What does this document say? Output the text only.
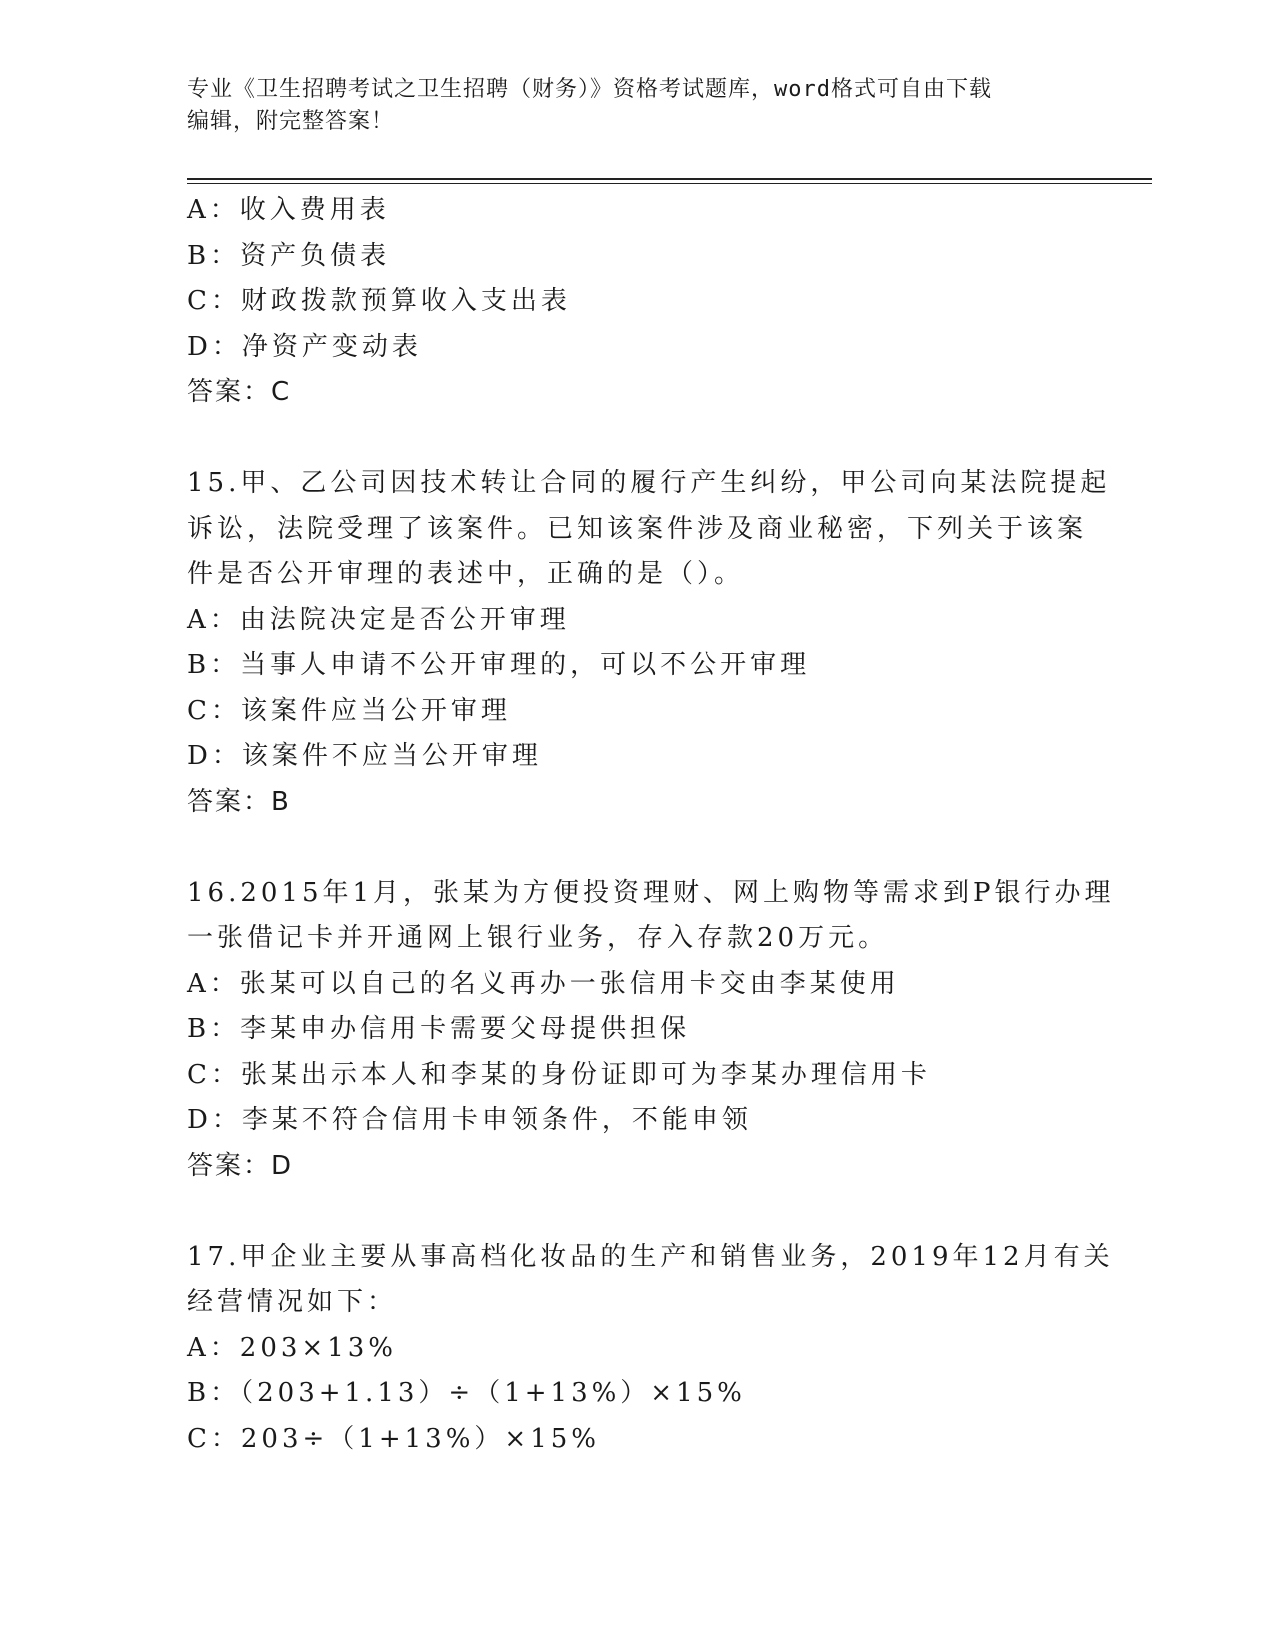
专业《卫生招聘考试之卫生招聘（财务）》资格考试题库，word格式可自由下载
编辑，附完整答案！
A：收入费用表
B：资产负债表
C：财政拨款预算收入支出表
D：净资产变动表
答案：C
15.甲、乙公司因技术转让合同的履行产生纠纷，甲公司向某法院提起
诉讼，法院受理了该案件。已知该案件涉及商业秘密，下列关于该案
件是否公开审理的表述中，正确的是（）。
A：由法院决定是否公开审理
B：当事人申请不公开审理的，可以不公开审理
C：该案件应当公开审理
D：该案件不应当公开审理
答案：B
16.2015年1月，张某为方便投资理财、网上购物等需求到P银行办理
一张借记卡并开通网上银行业务，存入存款20万元。
A：张某可以自己的名义再办一张信用卡交由李某使用
B：李某申办信用卡需要父母提供担保
C：张某出示本人和李某的身份证即可为李某办理信用卡
D：李某不符合信用卡申领条件，不能申领
答案：D
17.甲企业主要从事高档化妆品的生产和销售业务，2019年12月有关
经营情况如下：
A：203×13%
B：（203+1.13）÷（1+13%）×15%
C：203÷（1+13%）×15%
